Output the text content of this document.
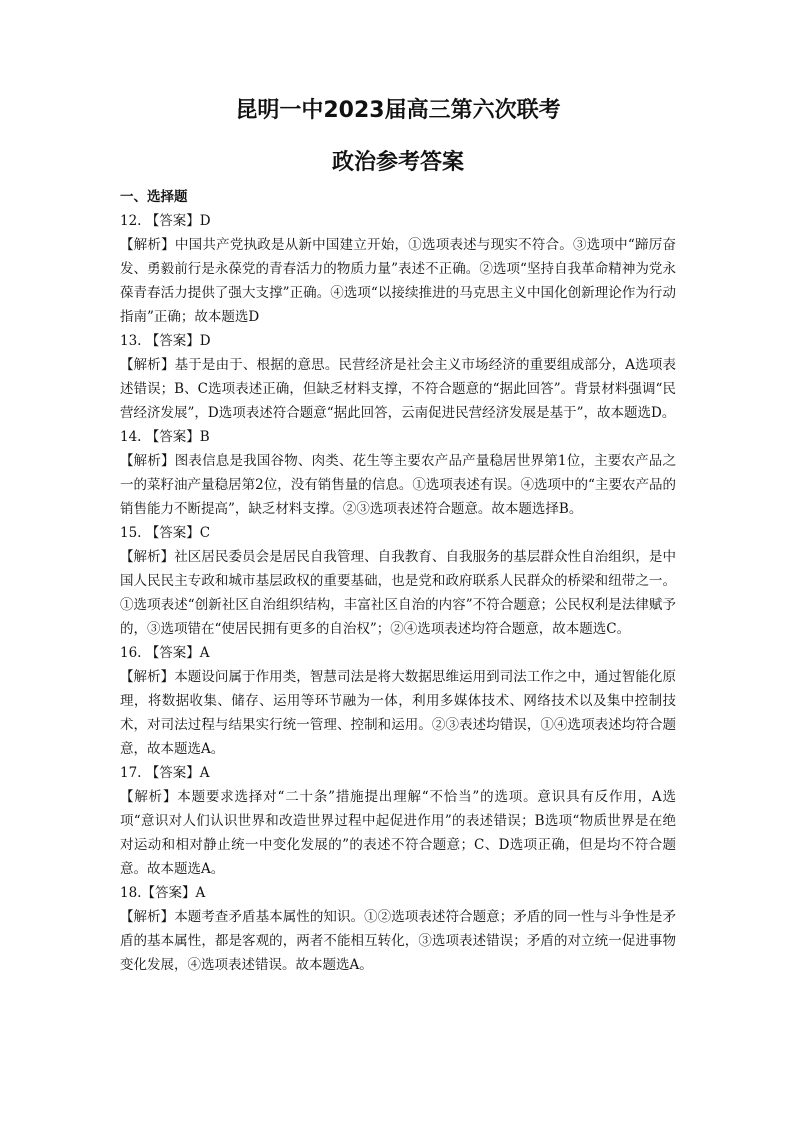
昆明一中2023届高三第六次联考
政治参考答案

一、选择题

12. 【答案】D

【解析】中国共产党执政是从新中国建立开始，①选项表述与现实不符合。③选项中“蹄厉奋发、勇毅前行是永葆党的青春活力的物质力量”表述不正确。②选项“坚持自我革命精神为党永葆青春活力提供了强大支撑”正确。④选项“以接续推进的马克思主义中国化创新理论作为行动指南”正确；故本题选D

13. 【答案】D

【解析】基于是由于、根据的意思。民营经济是社会主义市场经济的重要组成部分，A选项表述错误；B、C选项表述正确，但缺乏材料支撑，不符合题意的“据此回答”。背景材料强调“民营经济发展”，D选项表述符合题意“据此回答，云南促进民营经济发展是基于”，故本题选D。

14. 【答案】B

【解析】图表信息是我国谷物、肉类、花生等主要农产品产量稳居世界第1位，主要农产品之一的菜籽油产量稳居第2位，没有销售量的信息。①选项表述有误。④选项中的“主要农产品的销售能力不断提高”，缺乏材料支撑。②③选项表述符合题意。故本题选择B。

15. 【答案】C

【解析】社区居民委员会是居民自我管理、自我教育、自我服务的基层群众性自治组织，是中国人民民主专政和城市基层政权的重要基础，也是党和政府联系人民群众的桥梁和纽带之一。①选项表述“创新社区自治组织结构，丰富社区自治的内容”不符合题意；公民权利是法律赋予的，③选项错在“使居民拥有更多的自治权”；②④选项表述均符合题意，故本题选C。

16. 【答案】A

【解析】本题设问属于作用类，智慧司法是将大数据思维运用到司法工作之中，通过智能化原理，将数据收集、储存、运用等环节融为一体，利用多媒体技术、网络技术以及集中控制技术，对司法过程与结果实行统一管理、控制和运用。②③表述均错误，①④选项表述均符合题意，故本题选A。

17. 【答案】A

【解析】本题要求选择对“二十条”措施提出理解“不恰当”的选项。意识具有反作用，A选项“意识对人们认识世界和改造世界过程中起促进作用”的表述错误；B选项“物质世界是在绝对运动和相对静止统一中变化发展的”的表述不符合题意；C、D选项正确，但是均不符合题意。故本题选A。

18.【答案】A

【解析】本题考查矛盾基本属性的知识。①②选项表述符合题意；矛盾的同一性与斗争性是矛盾的基本属性，都是客观的，两者不能相互转化，③选项表述错误；矛盾的对立统一促进事物变化发展，④选项表述错误。故本题选A。
